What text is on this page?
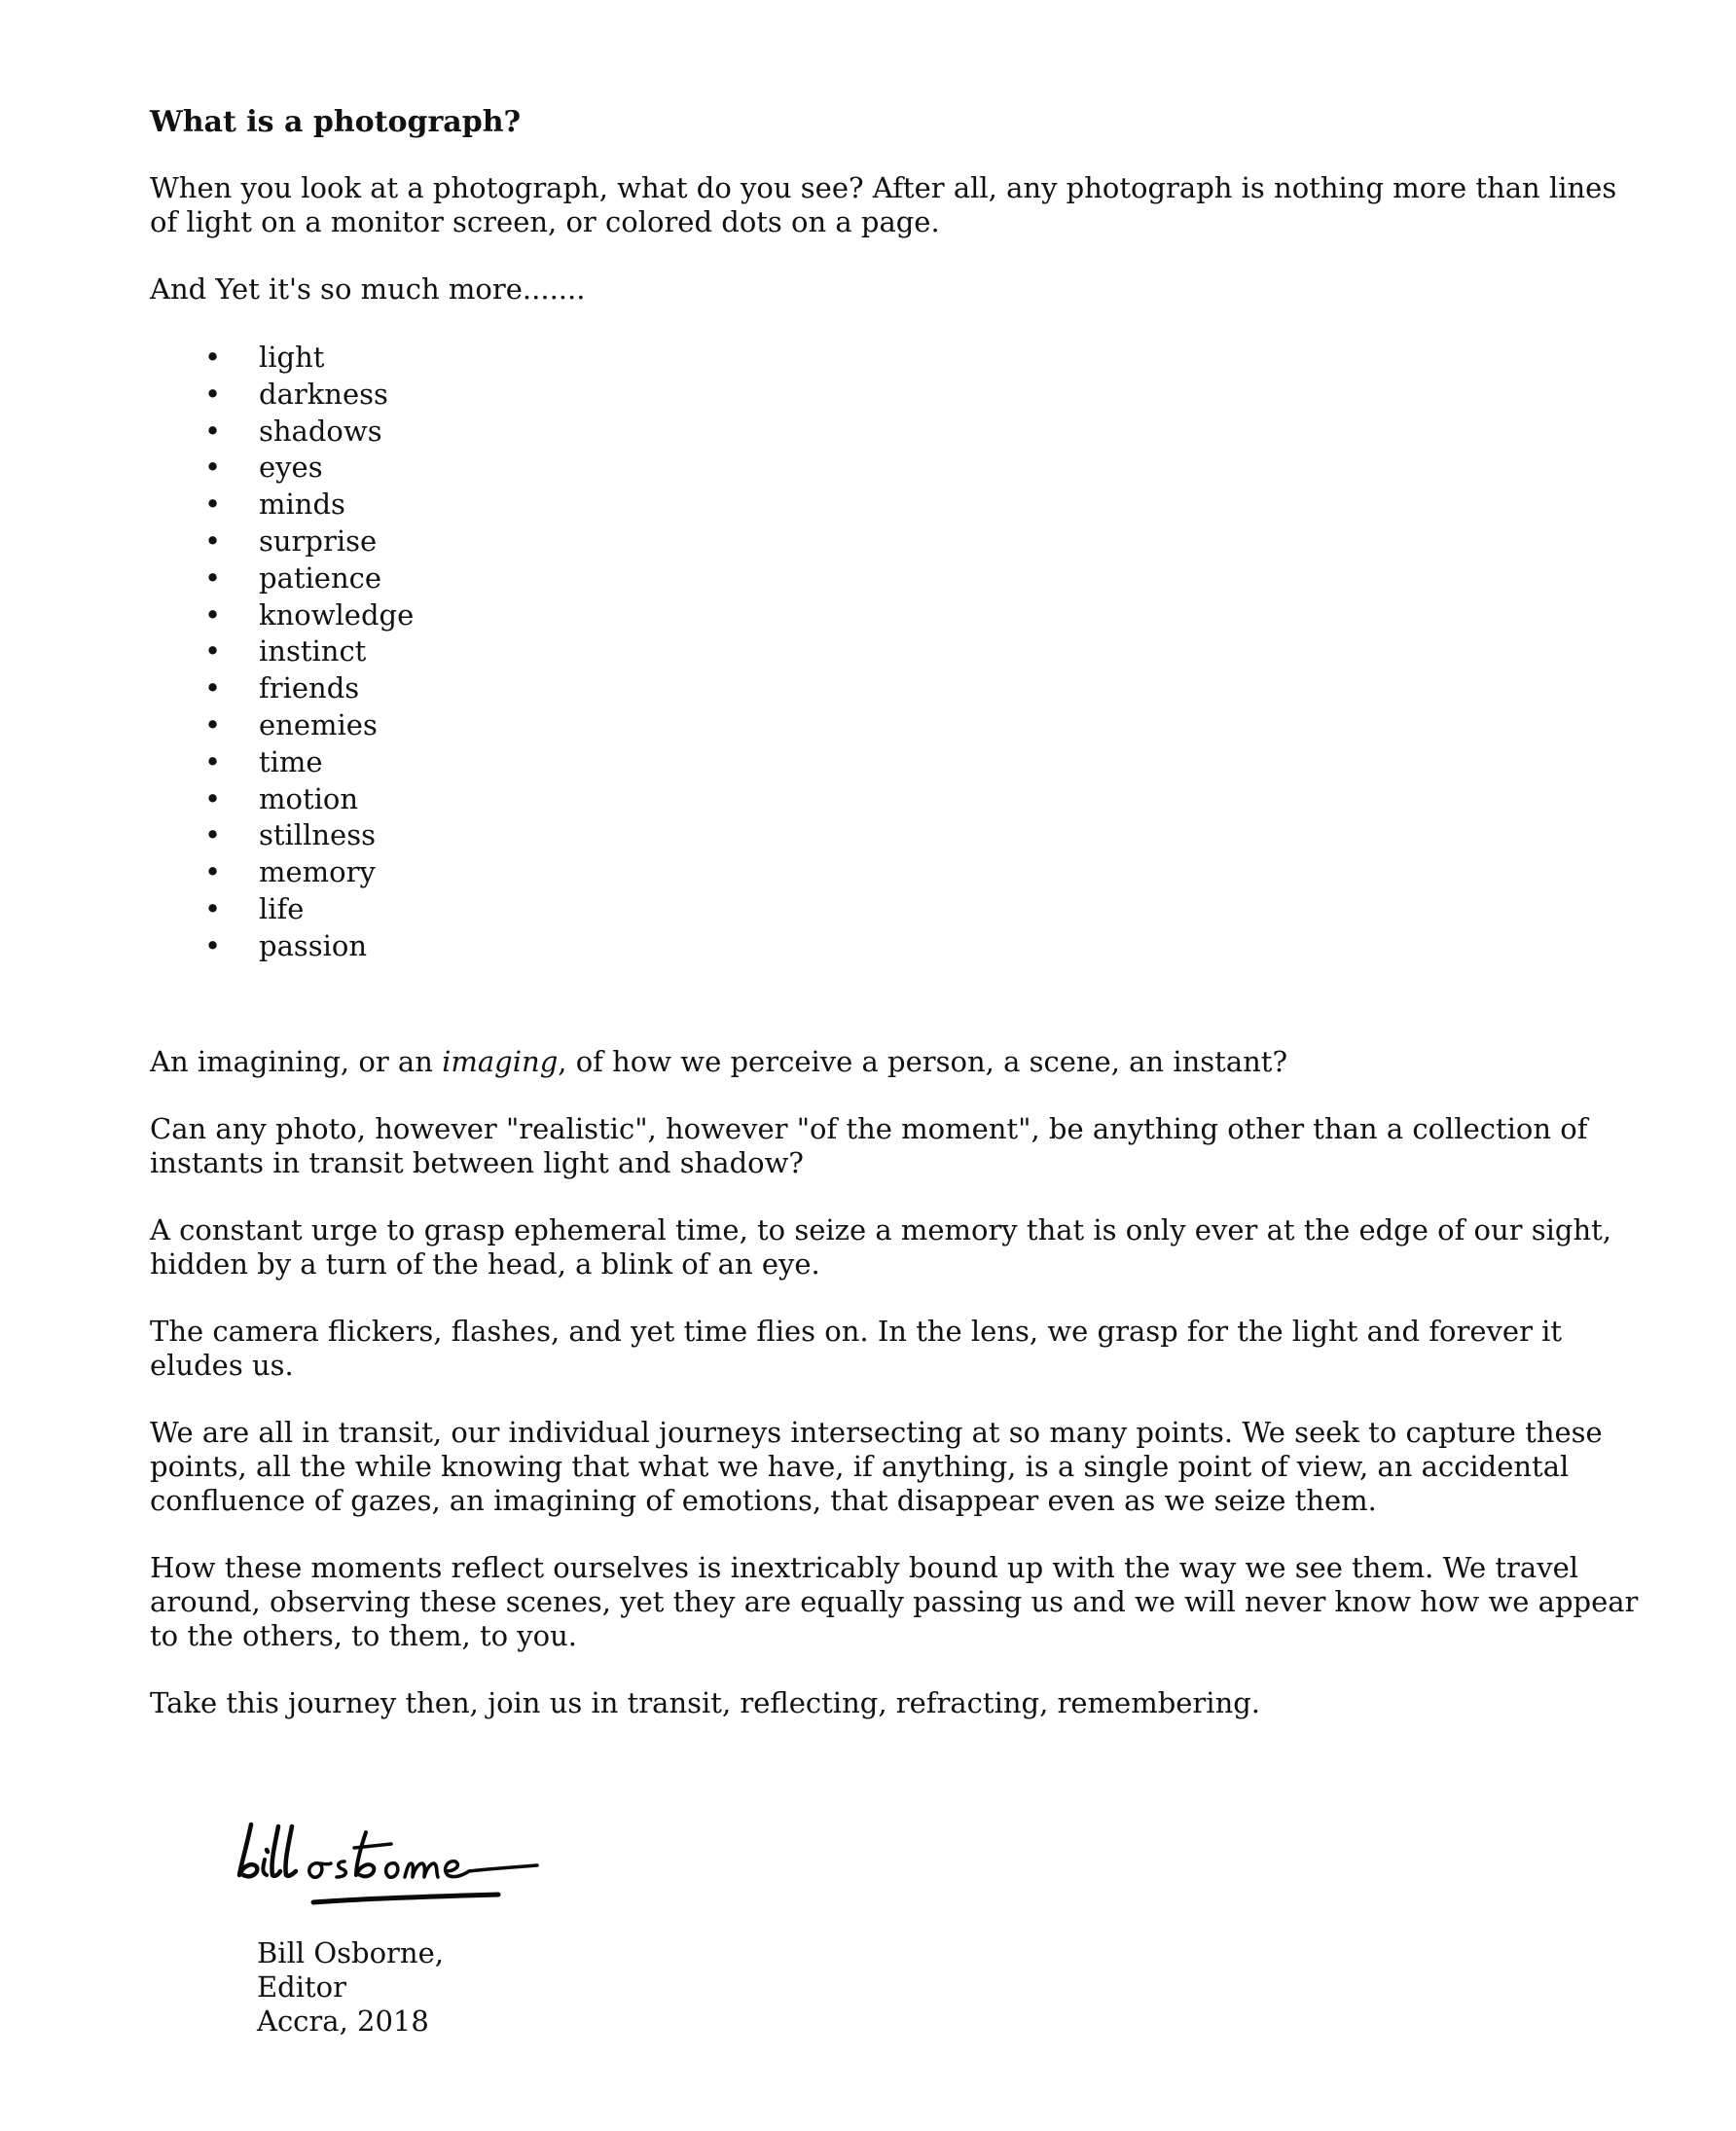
What is a photograph?

When you look at a photograph, what do you see? After all, any photograph is nothing more than lines of light on a monitor screen, or colored dots on a page.

And Yet it's so much more.......

• light
• darkness
• shadows
• eyes
• minds
• surprise
• patience
• knowledge
• instinct
• friends
• enemies
• time
• motion
• stillness
• memory
• life
• passion

An imagining, or an imaging, of how we perceive a person, a scene, an instant?

Can any photo, however "realistic", however "of the moment", be anything other than a collection of instants in transit between light and shadow?

A constant urge to grasp ephemeral time, to seize a memory that is only ever at the edge of our sight, hidden by a turn of the head, a blink of an eye.

The camera flickers, flashes, and yet time flies on. In the lens, we grasp for the light and forever it eludes us.

We are all in transit, our individual journeys intersecting at so many points. We seek to capture these points, all the while knowing that what we have, if anything, is a single point of view, an accidental confluence of gazes, an imagining of emotions, that disappear even as we seize them.

How these moments reflect ourselves is inextricably bound up with the way we see them. We travel around, observing these scenes, yet they are equally passing us and we will never know how we appear to the others, to them, to you.

Take this journey then, join us in transit, reflecting, refracting, remembering.

Bill Osborne,
Editor
Accra, 2018
